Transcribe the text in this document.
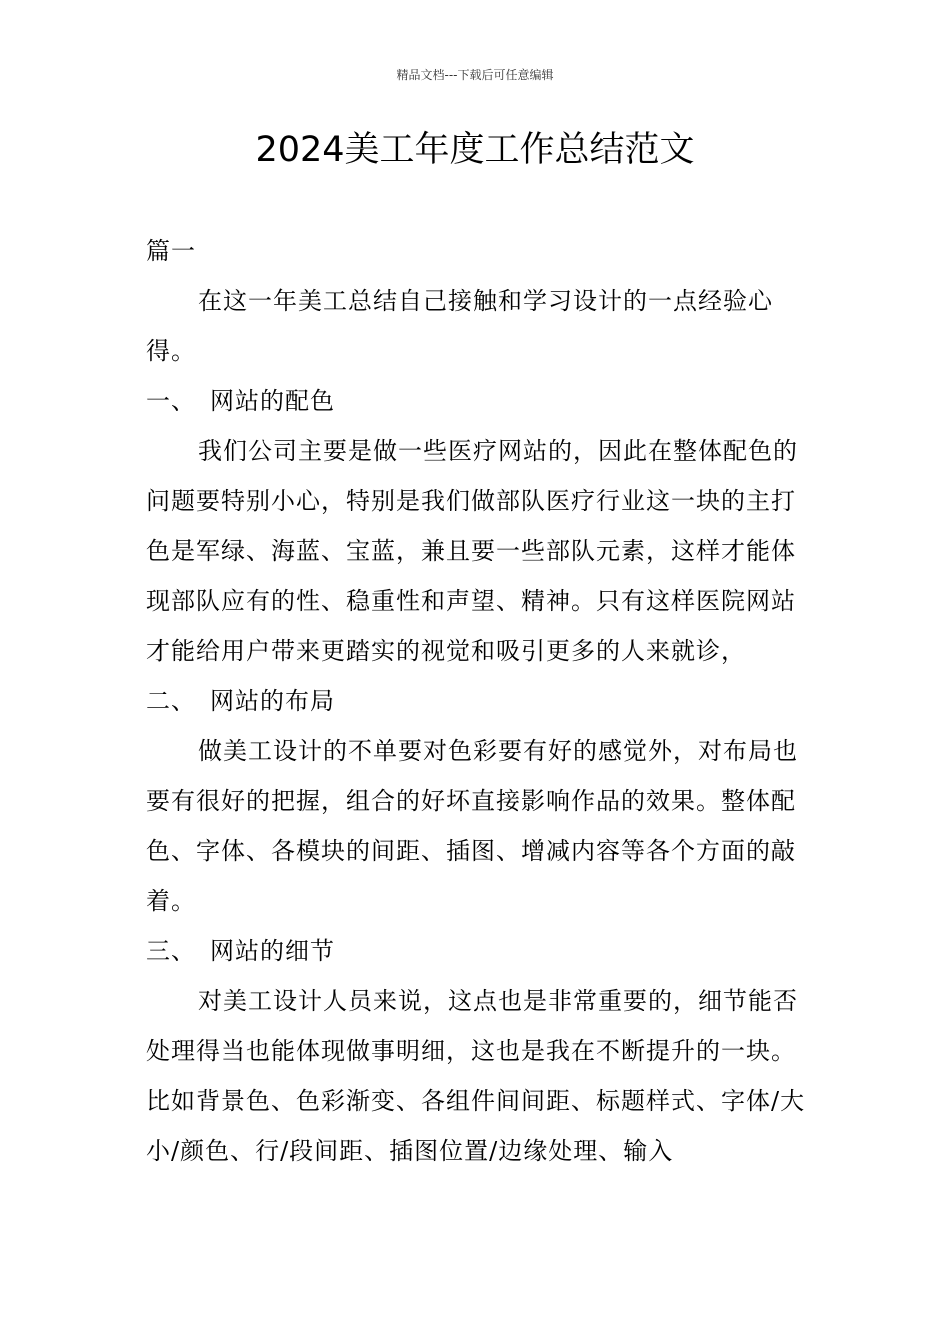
精品文档---下载后可任意编辑
2024美工年度工作总结范文

篇一

在这一年美工总结自己接触和学习设计的一点经验心得。

一、 网站的配色

我们公司主要是做一些医疗网站的，因此在整体配色的问题要特别小心，特别是我们做部队医疗行业这一块的主打色是军绿、海蓝、宝蓝，兼且要一些部队元素，这样才能体现部队应有的性、稳重性和声望、精神。只有这样医院网站才能给用户带来更踏实的视觉和吸引更多的人来就诊，

二、 网站的布局

做美工设计的不单要对色彩要有好的感觉外，对布局也要有很好的把握，组合的好坏直接影响作品的效果。整体配色、字体、各模块的间距、插图、增减内容等各个方面的敲着。

三、 网站的细节

对美工设计人员来说，这点也是非常重要的，细节能否处理得当也能体现做事明细，这也是我在不断提升的一块。比如背景色、色彩渐变、各组件间间距、标题样式、字体/大小/颜色、行/段间距、插图位置/边缘处理、输入
